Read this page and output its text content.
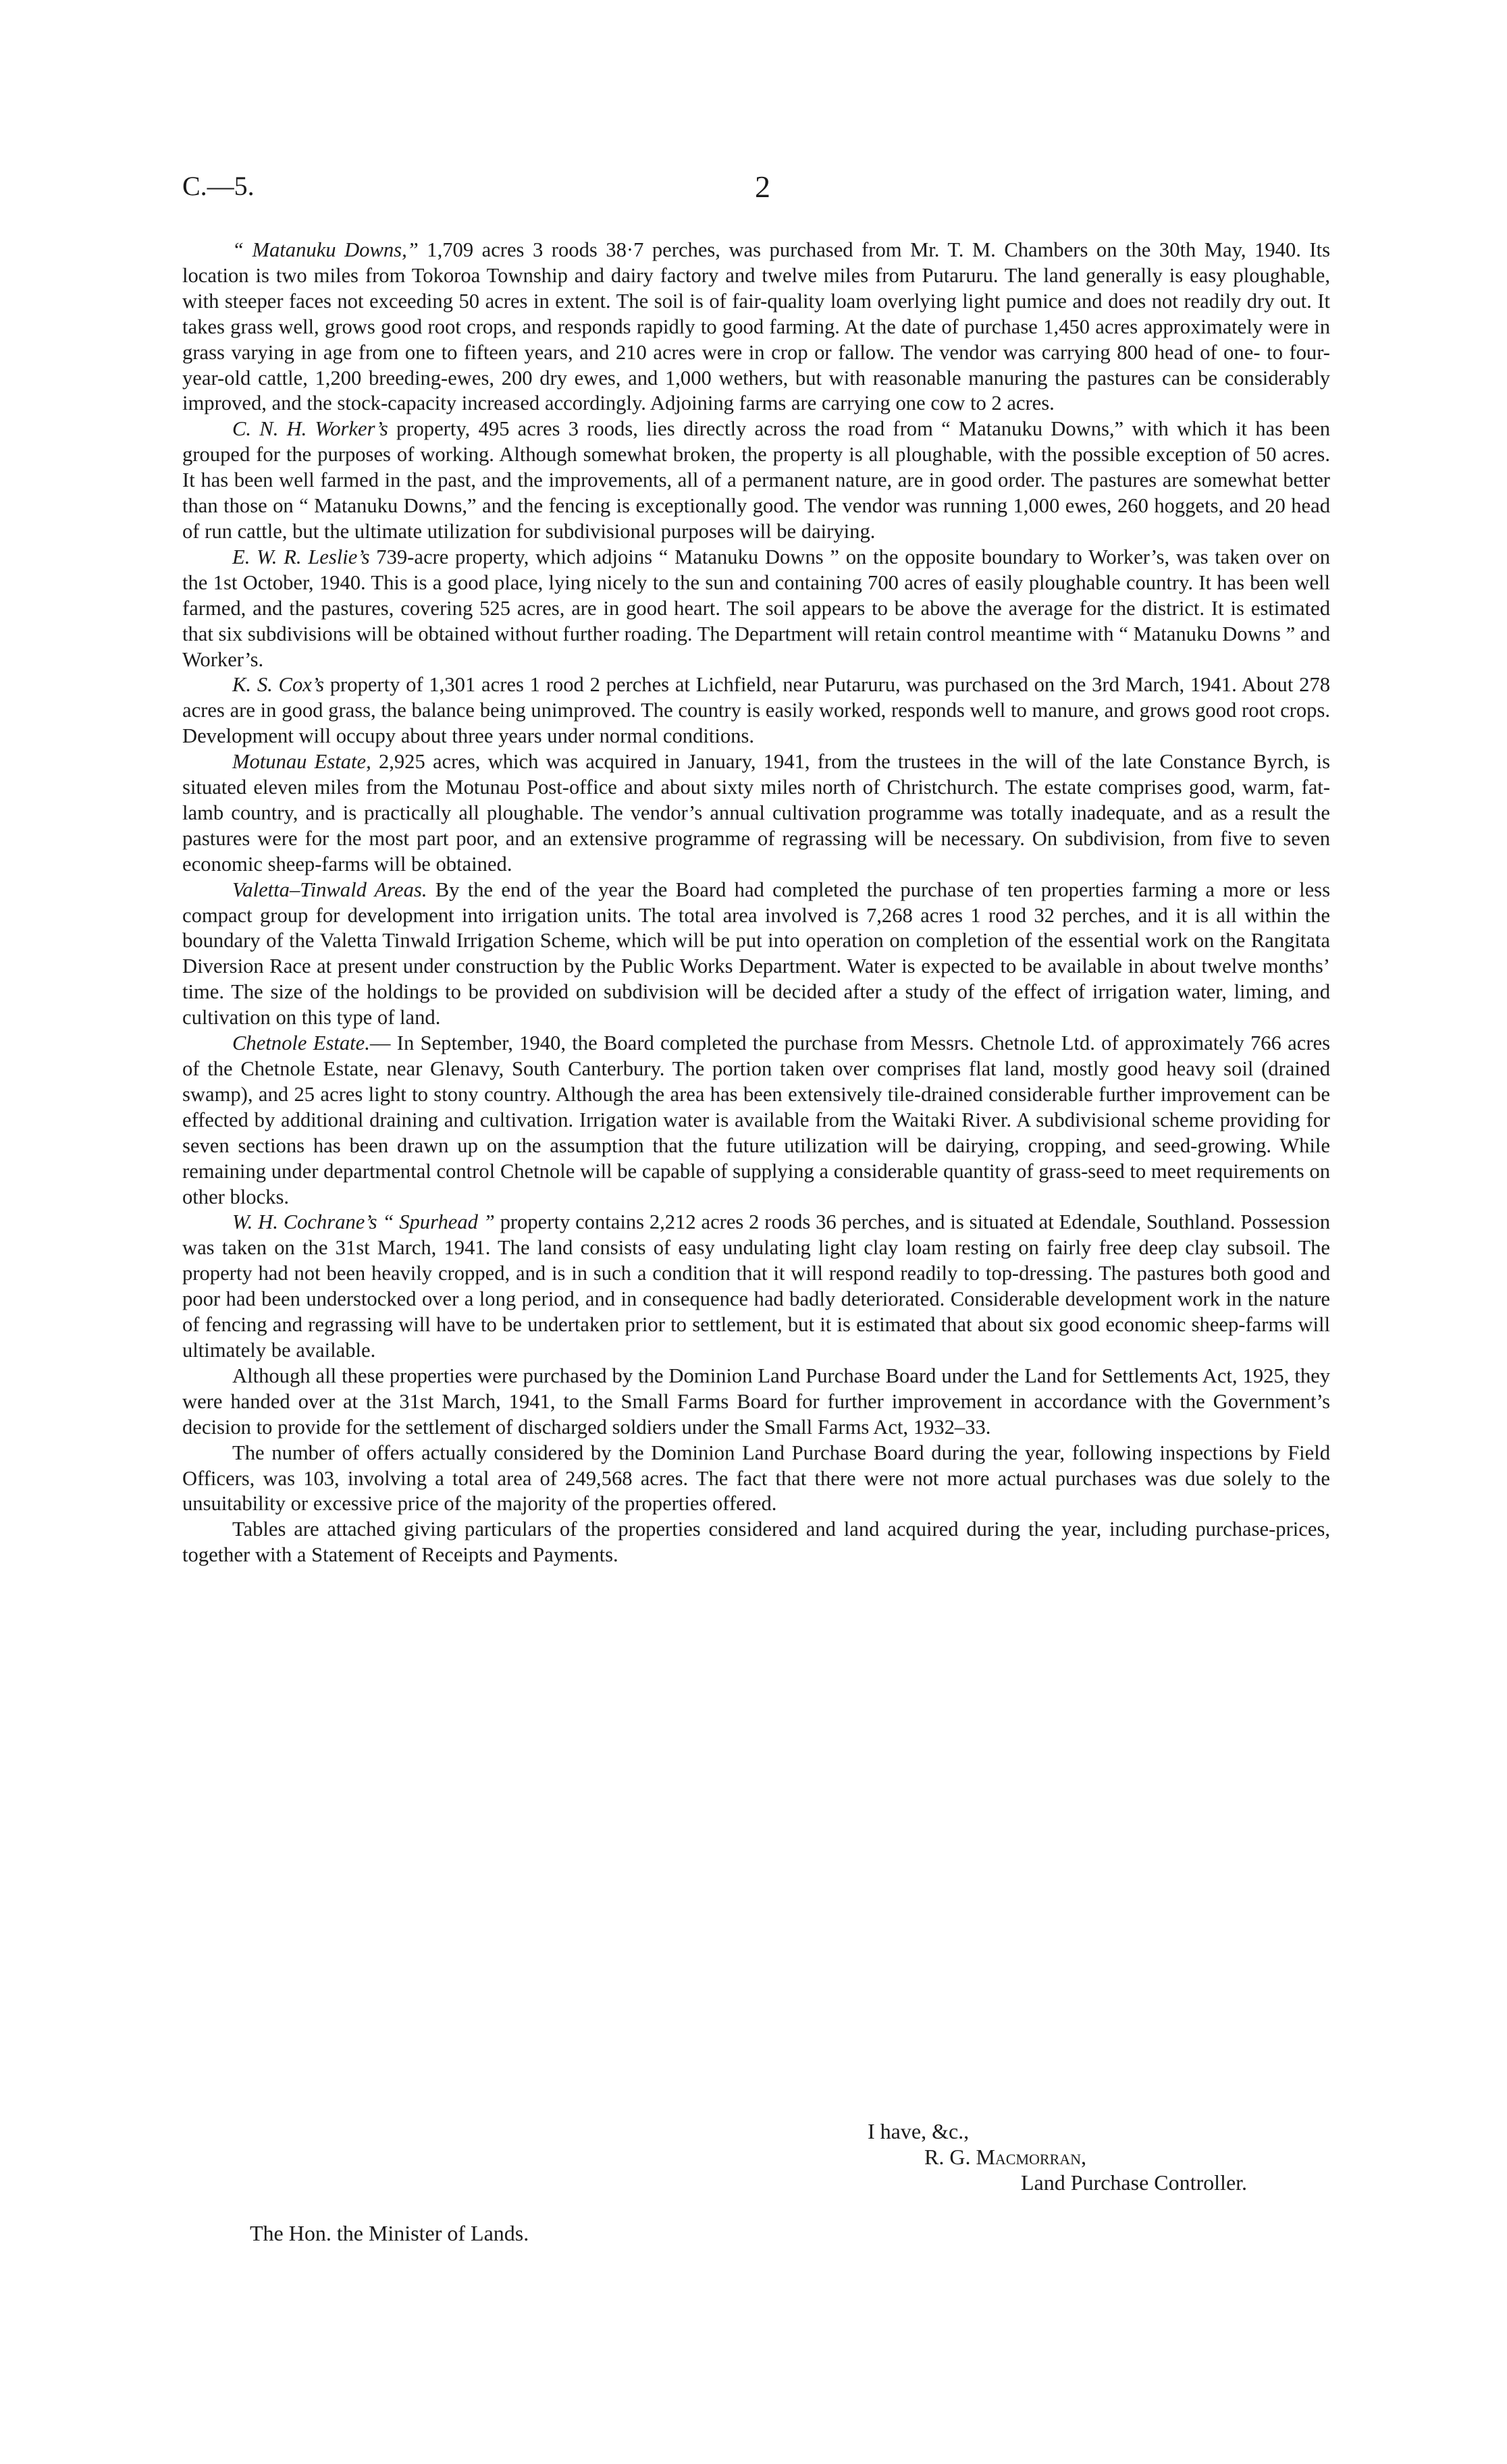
C.—5.	2

“ Matanuku Downs,” 1,709 acres 3 roods 38·7 perches, was purchased from Mr. T. M. Chambers on the 30th May, 1940. Its location is two miles from Tokoroa Township and dairy factory and twelve miles from Putaruru. The land generally is easy ploughable, with steeper faces not exceeding 50 acres in extent. The soil is of fair-quality loam overlying light pumice and does not readily dry out. It takes grass well, grows good root crops, and responds rapidly to good farming. At the date of purchase 1,450 acres approximately were in grass varying in age from one to fifteen years, and 210 acres were in crop or fallow. The vendor was carrying 800 head of one- to four-year-old cattle, 1,200 breeding-ewes, 200 dry ewes, and 1,000 wethers, but with reasonable manuring the pastures can be considerably improved, and the stock-capacity increased accordingly. Adjoining farms are carrying one cow to 2 acres.

C. N. H. Worker’s property, 495 acres 3 roods, lies directly across the road from “ Matanuku Downs,” with which it has been grouped for the purposes of working. Although somewhat broken, the property is all ploughable, with the possible exception of 50 acres. It has been well farmed in the past, and the improvements, all of a permanent nature, are in good order. The pastures are somewhat better than those on “ Matanuku Downs,” and the fencing is exceptionally good. The vendor was running 1,000 ewes, 260 hoggets, and 20 head of run cattle, but the ultimate utilization for subdivisional purposes will be dairying.

E. W. R. Leslie’s 739-acre property, which adjoins “ Matanuku Downs ” on the opposite boundary to Worker’s, was taken over on the 1st October, 1940. This is a good place, lying nicely to the sun and containing 700 acres of easily ploughable country. It has been well farmed, and the pastures, covering 525 acres, are in good heart. The soil appears to be above the average for the district. It is estimated that six subdivisions will be obtained without further roading. The Department will retain control meantime with “ Matanuku Downs ” and Worker’s.

K. S. Cox’s property of 1,301 acres 1 rood 2 perches at Lichfield, near Putaruru, was purchased on the 3rd March, 1941. About 278 acres are in good grass, the balance being unimproved. The country is easily worked, responds well to manure, and grows good root crops. Development will occupy about three years under normal conditions.

Motunau Estate, 2,925 acres, which was acquired in January, 1941, from the trustees in the will of the late Constance Byrch, is situated eleven miles from the Motunau Post-office and about sixty miles north of Christchurch. The estate comprises good, warm, fat-lamb country, and is practically all ploughable. The vendor’s annual cultivation programme was totally inadequate, and as a result the pastures were for the most part poor, and an extensive programme of regrassing will be necessary. On subdivision, from five to seven economic sheep-farms will be obtained.

Valetta–Tinwald Areas. By the end of the year the Board had completed the purchase of ten properties farming a more or less compact group for development into irrigation units. The total area involved is 7,268 acres 1 rood 32 perches, and it is all within the boundary of the Valetta Tinwald Irrigation Scheme, which will be put into operation on completion of the essential work on the Rangitata Diversion Race at present under construction by the Public Works Department. Water is expected to be available in about twelve months’ time. The size of the holdings to be provided on subdivision will be decided after a study of the effect of irrigation water, liming, and cultivation on this type of land.

Chetnole Estate.— In September, 1940, the Board completed the purchase from Messrs. Chetnole Ltd. of approximately 766 acres of the Chetnole Estate, near Glenavy, South Canterbury. The portion taken over comprises flat land, mostly good heavy soil (drained swamp), and 25 acres light to stony country. Although the area has been extensively tile-drained considerable further improvement can be effected by additional draining and cultivation. Irrigation water is available from the Waitaki River. A subdivisional scheme providing for seven sections has been drawn up on the assumption that the future utilization will be dairying, cropping, and seed-growing. While remaining under departmental control Chetnole will be capable of supplying a considerable quantity of grass-seed to meet requirements on other blocks.

W. H. Cochrane’s “ Spurhead ” property contains 2,212 acres 2 roods 36 perches, and is situated at Edendale, Southland. Possession was taken on the 31st March, 1941. The land consists of easy undulating light clay loam resting on fairly free deep clay subsoil. The property had not been heavily cropped, and is in such a condition that it will respond readily to top-dressing. The pastures both good and poor had been understocked over a long period, and in consequence had badly deteriorated. Considerable development work in the nature of fencing and regrassing will have to be undertaken prior to settlement, but it is estimated that about six good economic sheep-farms will ultimately be available.

Although all these properties were purchased by the Dominion Land Purchase Board under the Land for Settlements Act, 1925, they were handed over at the 31st March, 1941, to the Small Farms Board for further improvement in accordance with the Government’s decision to provide for the settlement of discharged soldiers under the Small Farms Act, 1932–33.

The number of offers actually considered by the Dominion Land Purchase Board during the year, following inspections by Field Officers, was 103, involving a total area of 249,568 acres. The fact that there were not more actual purchases was due solely to the unsuitability or excessive price of the majority of the properties offered.

Tables are attached giving particulars of the properties considered and land acquired during the year, including purchase-prices, together with a Statement of Receipts and Payments.

I have, &c.,
R. G. Macmorran,
Land Purchase Controller.
The Hon. the Minister of Lands.
